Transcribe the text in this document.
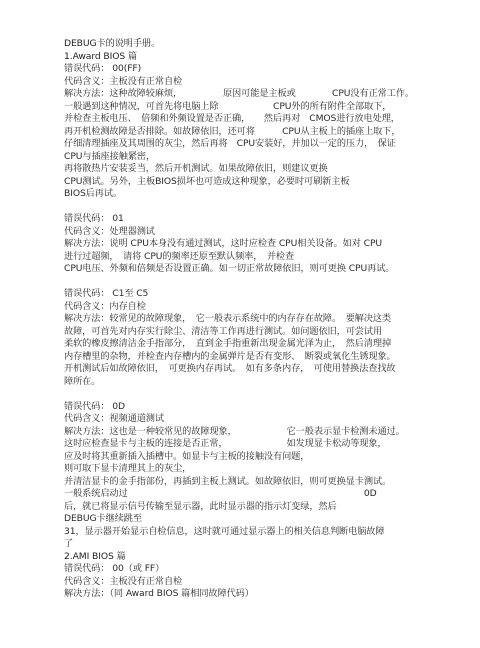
DEBUG卡的说明手册。
1.Award BIOS 篇
错误代码： 00(FF)
代码含义：主板没有正常自检
解决方法：这种故障较麻烦，　　　　　原因可能是主板或　　　　CPU没有正常工作。
一般遇到这种情况，可首先将电脑上除　　　　　　CPU外的所有附件全部取下，
并检查主板电压、　倍频和外频设置是否正确，　　然后再对　CMOS进行放电处理，
再开机检测故障是否排除。如故障依旧，还可将　　　CPU从主板上的插座上取下，
仔细清理插座及其周围的灰尘，然后再将　CPU安装好，并加以一定的压力，　保证
CPU与插座接触紧密，
再将散热片安装妥当，然后开机测试。如果故障依旧，则建议更换
CPU测试。另外，主板BIOS损坏也可造成这种现象，必要时可刷新主板
BIOS后再试。
错误代码： 01
代码含义：处理器测试
解决方法：说明 CPU本身没有通过测试，这时应检查 CPU相关设备。如对 CPU
进行过超频，　请将 CPU的频率还原至默认频率，　并检查
CPU电压、外频和倍频是否设置正确。如一切正常故障依旧，则可更换 CPU再试。
错误代码： C1至 C5
代码含义：内存自检
解决方法：较常见的故障现象，　它一般表示系统中的内存存在故障。　要解决这类
故障，可首先对内存实行除尘、清洁等工作再进行测试。如问题依旧，可尝试用
柔软的橡皮擦清洁金手指部分，　直到金手指重新出现金属光泽为止，　然后清理掉
内存槽里的杂物，并检查内存槽内的金属弹片是否有变形、　断裂或氧化生锈现象。
开机测试后如故障依旧，　可更换内存再试。　如有多条内存，　可使用替换法查找故
障所在。
错误代码： 0D
代码含义：视频通道测试
解决方法：这也是一种较常见的故障现象，　　　　　　它一般表示显卡检测未通过。
这时应检查显卡与主板的连接是否正常，　　　　　　　如发现显卡松动等现象，
应及时将其重新插入插槽中。如显卡与主板的接触没有问题，
则可取下显卡清理其上的灰尘，
并清洁显卡的金手指部份，再插到主板上测试。如故障依旧，则可更换显卡测试。
一般系统启动过　　　　　　　　　　　　　　　　　　　　　　　　　　0D
后，就已将显示信号传输至显示器，此时显示器的指示灯变绿，然后
DEBUG卡继续跳至
31，显示器开始显示自检信息，这时就可通过显示器上的相关信息判断电脑故障
了
2.AMI BIOS 篇
错误代码： 00（或 FF）
代码含义：主板没有正常自检
解决方法：（同 Award BIOS 篇相同故障代码）
